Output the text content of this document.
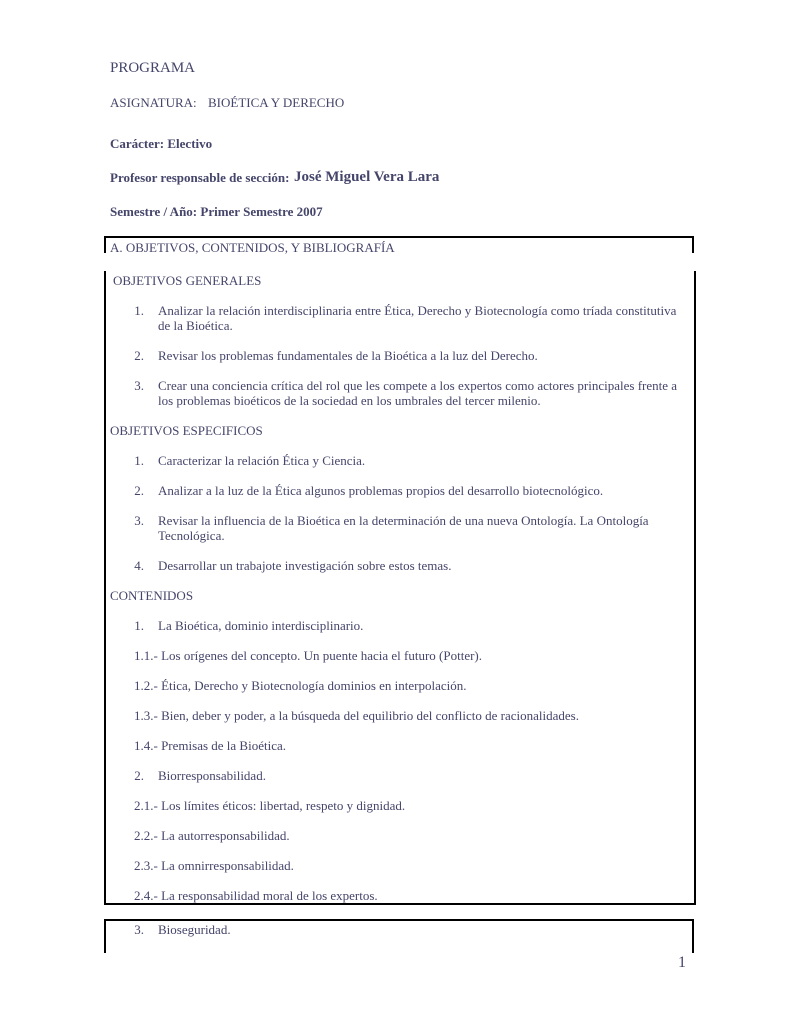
PROGRAMA
ASIGNATURA: BIOÉTICA Y DERECHO
Carácter: Electivo
Profesor responsable de sección: José Miguel Vera Lara
Semestre / Año: Primer Semestre 2007
A. OBJETIVOS, CONTENIDOS, Y BIBLIOGRAFÍA
OBJETIVOS GENERALES
1. Analizar la relación interdisciplinaria entre Ética, Derecho y Biotecnología como tríada constitutiva
de la Bioética.
2. Revisar los problemas fundamentales de la Bioética a la luz del Derecho.
3. Crear una conciencia crítica del rol que les compete a los expertos como actores principales frente a
los problemas bioéticos de la sociedad en los umbrales del tercer milenio.
OBJETIVOS ESPECIFICOS
1. Caracterizar la relación Ética y Ciencia.
2. Analizar a la luz de la Ética algunos problemas propios del desarrollo biotecnológico.
3. Revisar la influencia de la Bioética en la determinación de una nueva Ontología. La Ontología
Tecnológica.
4. Desarrollar un trabajote investigación sobre estos temas.
CONTENIDOS
1. La Bioética, dominio interdisciplinario.
1.1.- Los orígenes del concepto. Un puente hacia el futuro (Potter).
1.2.- Ética, Derecho y Biotecnología dominios en interpolación.
1.3.- Bien, deber y poder, a la búsqueda del equilibrio del conflicto de racionalidades.
1.4.- Premisas de la Bioética.
2. Biorresponsabilidad.
2.1.- Los límites éticos: libertad, respeto y dignidad.
2.2.- La autorresponsabilidad.
2.3.- La omnirresponsabilidad.
2.4.- La responsabilidad moral de los expertos.
3. Bioseguridad.
1
